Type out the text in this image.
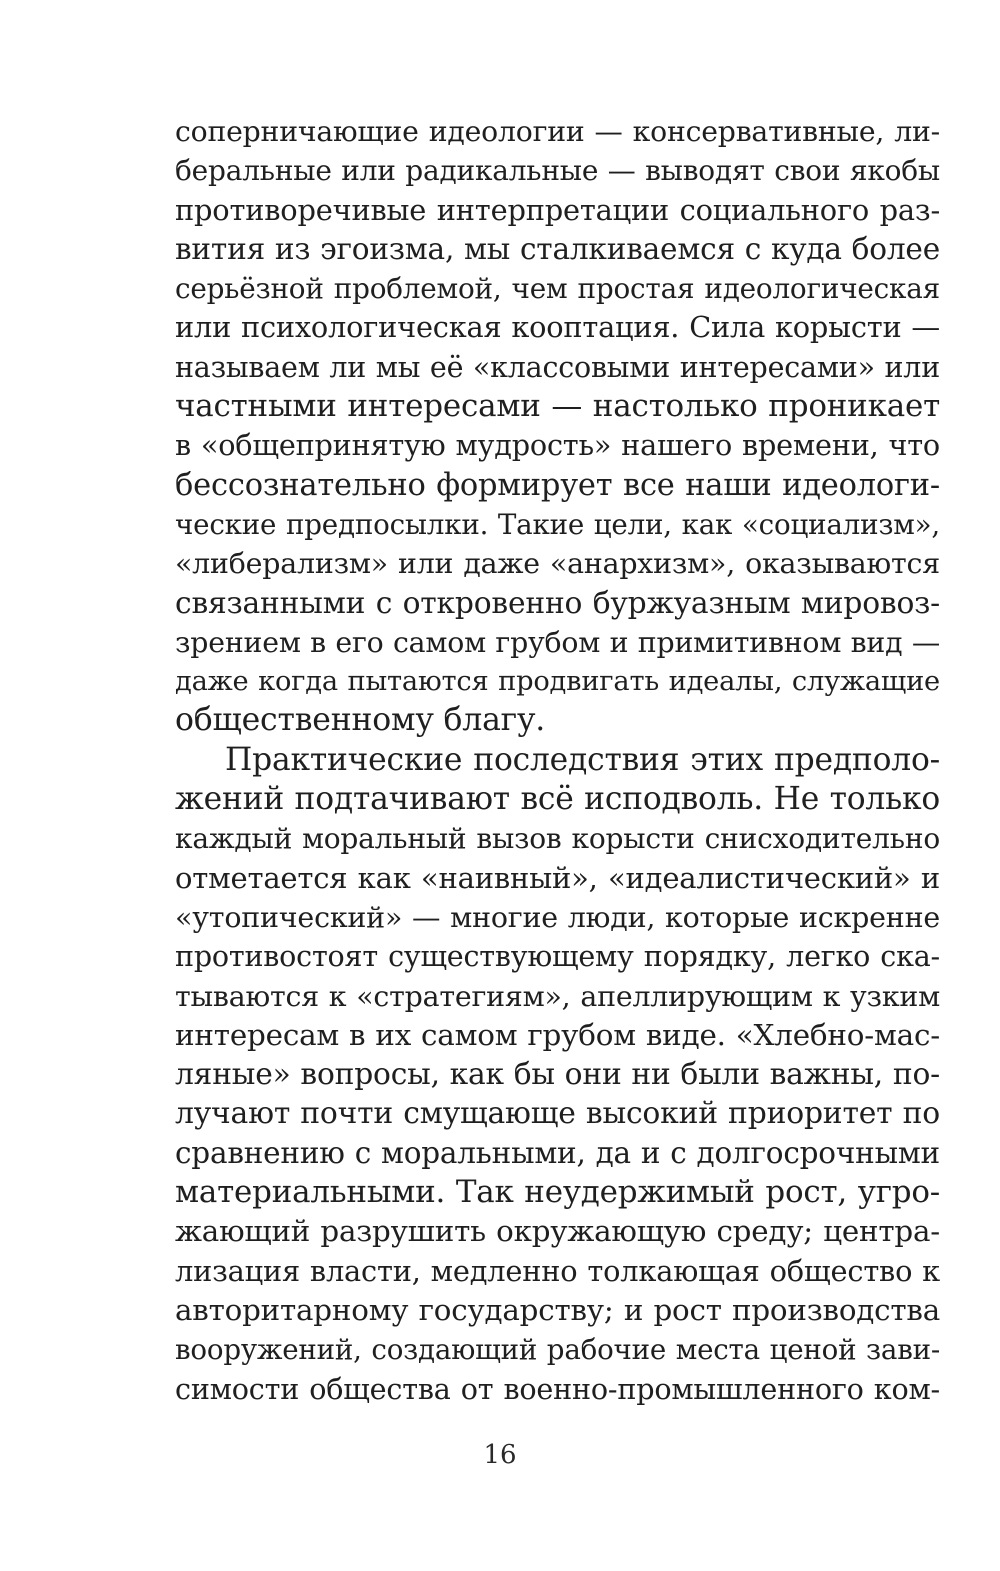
соперничающие идеологии — консервативные, ли-
беральные или радикальные — выводят свои якобы
противоречивые интерпретации социального раз-
вития из эгоизма, мы сталкиваемся с куда более
серьёзной проблемой, чем простая идеологическая
или психологическая кооптация. Сила корысти —
называем ли мы её «классовыми интересами» или
частными интересами — настолько проникает
в «общепринятую мудрость» нашего времени, что
бессознательно формирует все наши идеологи-
ческие предпосылки. Такие цели, как «социализм»,
«либерализм» или даже «анархизм», оказываются
связанными с откровенно буржуазным мировоз-
зрением в его самом грубом и примитивном вид —
даже когда пытаются продвигать идеалы, служащие
общественному благу.
Практические последствия этих предполо-
жений подтачивают всё исподволь. Не только
каждый моральный вызов корысти снисходительно
отметается как «наивный», «идеалистический» и
«утопический» — многие люди, которые искренне
противостоят существующему порядку, легко ска-
тываются к «стратегиям», апеллирующим к узким
интересам в их самом грубом виде. «Хлебно-мас-
ляные» вопросы, как бы они ни были важны, по-
лучают почти смущающе высокий приоритет по
сравнению с моральными, да и с долгосрочными
материальными. Так неудержимый рост, угро-
жающий разрушить окружающую среду; центра-
лизация власти, медленно толкающая общество к
авторитарному государству; и рост производства
вооружений, создающий рабочие места ценой зави-
симости общества от военно-промышленного ком-
16
